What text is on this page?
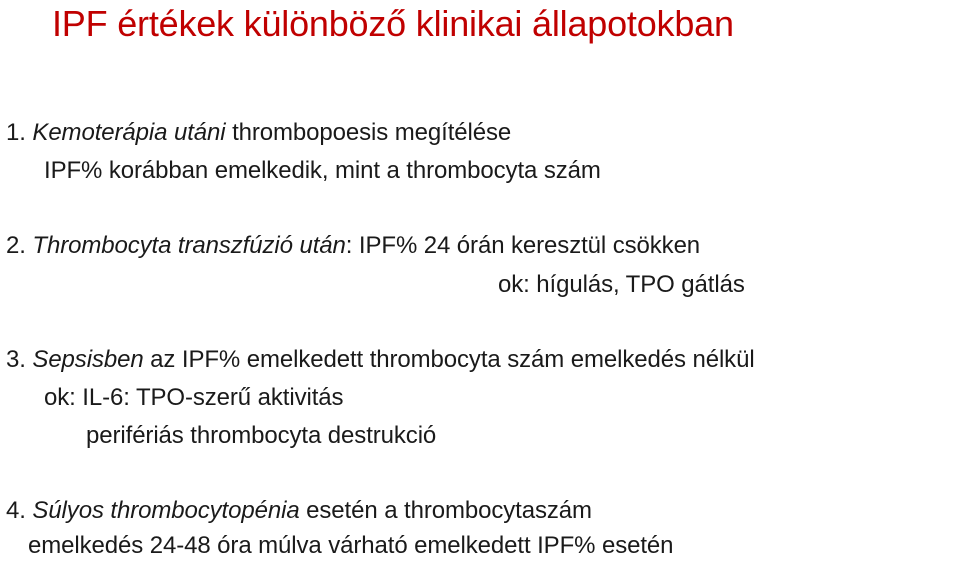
IPF értékek különböző klinikai állapotokban
1. Kemoterápia utáni thrombopoesis megítélése
IPF% korábban emelkedik, mint a thrombocyta szám
2. Thrombocyta transzfúzió után: IPF% 24 órán keresztül csökken
ok: hígulás, TPO gátlás
3. Sepsisben az IPF% emelkedett thrombocyta szám emelkedés nélkül
ok: IL-6: TPO-szerű aktivitás
perifériás thrombocyta destrukció
4. Súlyos thrombocytopénia esetén a thrombocytaszám
emelkedés 24-48 óra múlva várható emelkedett IPF% esetén
